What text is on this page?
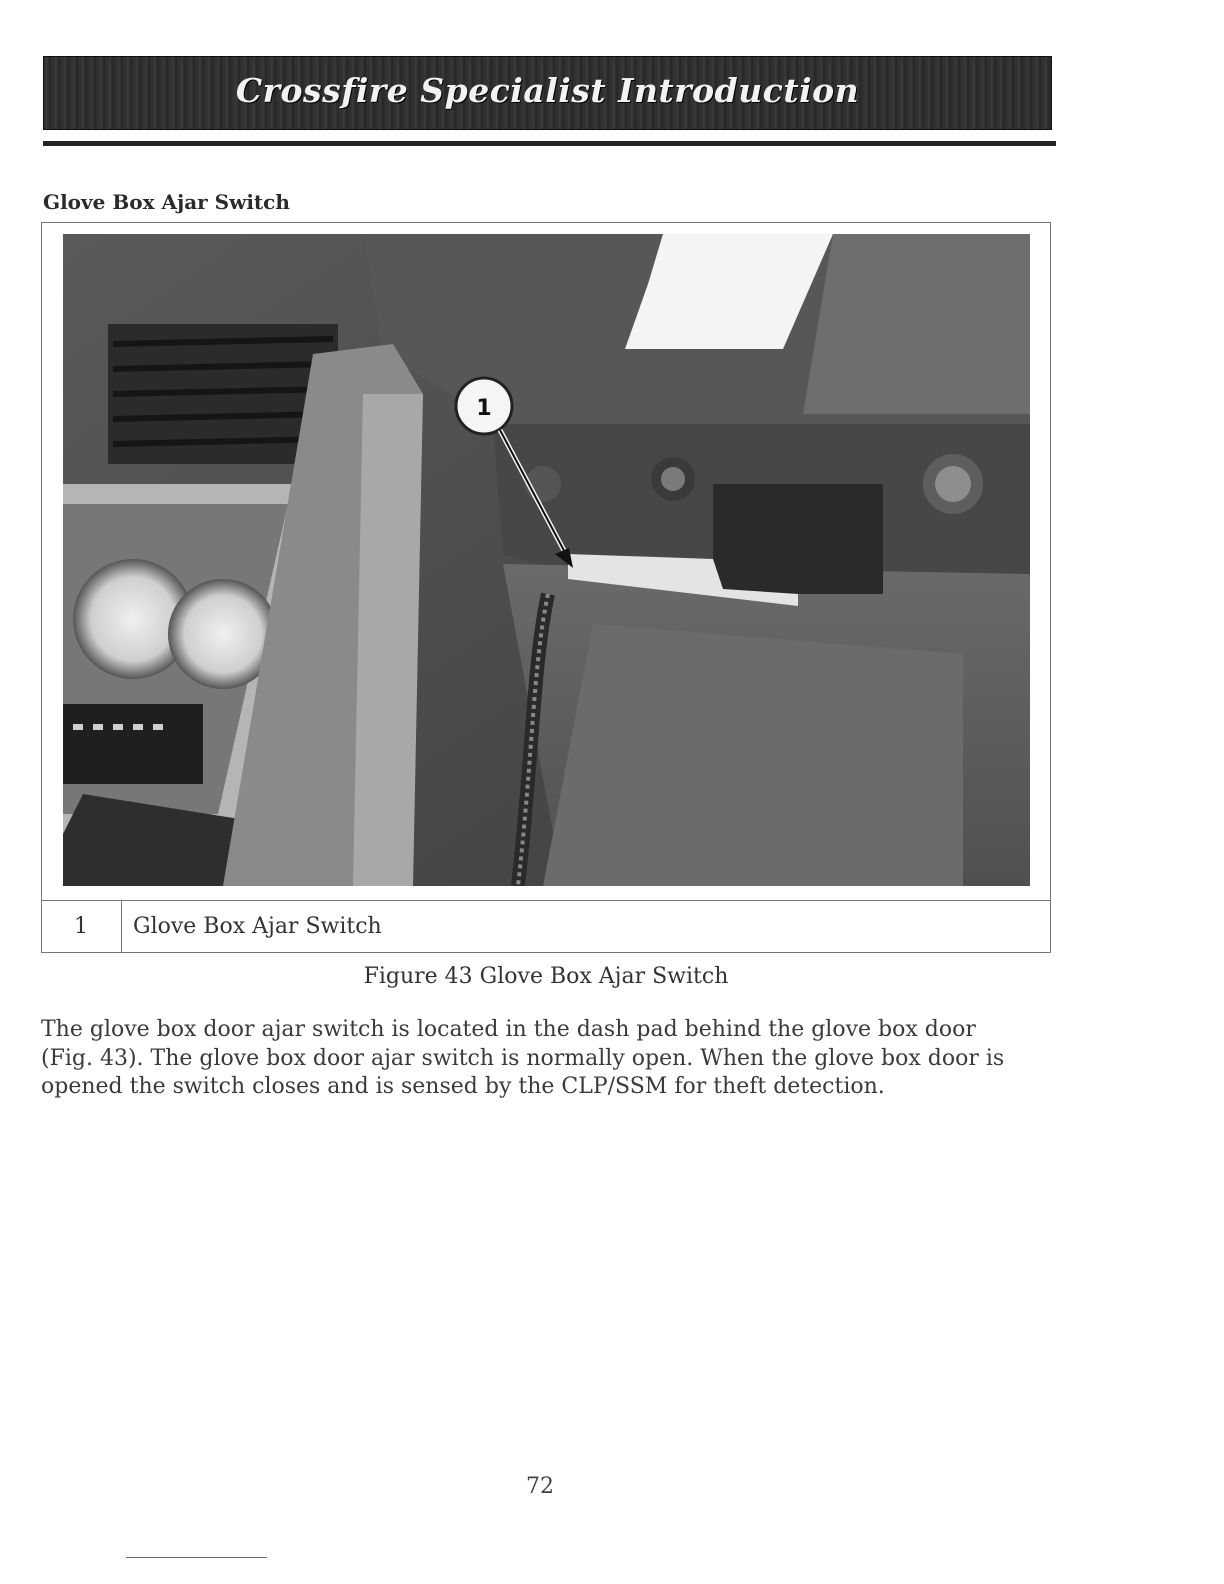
Crossfire Specialist Introduction
Glove Box Ajar Switch
1
1	Glove Box Ajar Switch
Figure 43 Glove Box Ajar Switch

The glove box door ajar switch is located in the dash pad behind the glove box door (Fig. 43). The glove box door ajar switch is normally open. When the glove box door is opened the switch closes and is sensed by the CLP/SSM for theft detection.

72
